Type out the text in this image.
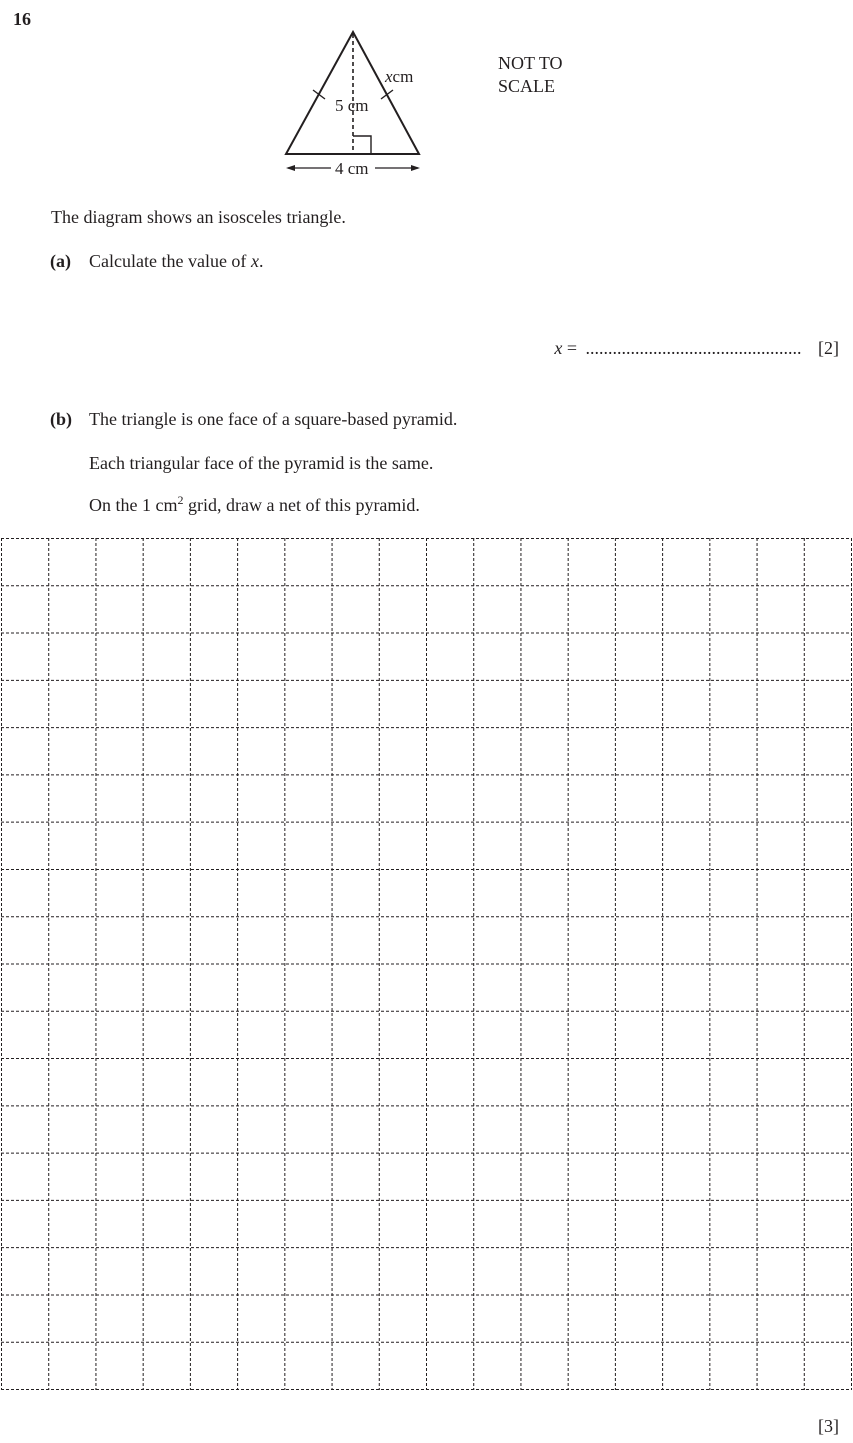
16
xcm
5 cm
4 cm
NOT TO SCALE
The diagram shows an isosceles triangle.
(a) Calculate the value of x.
x = ................................................ [2]
(b) The triangle is one face of a square-based pyramid.
Each triangular face of the pyramid is the same.
On the 1 $cm^2$ grid, draw a net of this pyramid.
[3]
